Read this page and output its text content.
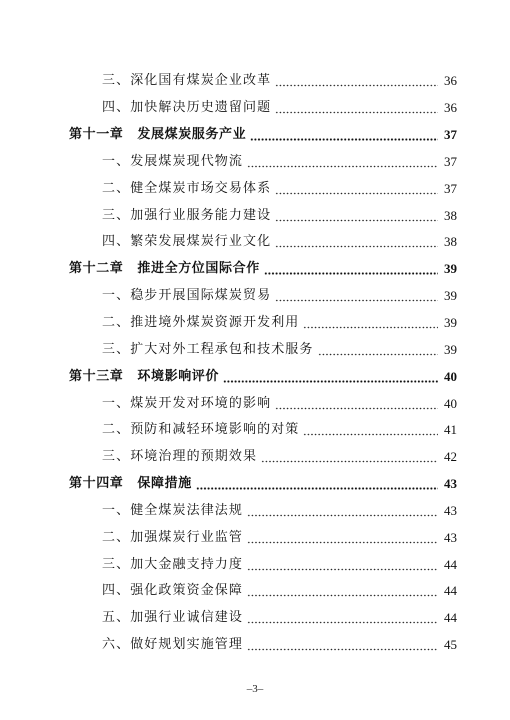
三、深化国有煤炭企业改革	36
四、加快解决历史遗留问题	36
第十一章 发展煤炭服务产业	37
一、发展煤炭现代物流	37
二、健全煤炭市场交易体系	37
三、加强行业服务能力建设	38
四、繁荣发展煤炭行业文化	38
第十二章 推进全方位国际合作	39
一、稳步开展国际煤炭贸易	39
二、推进境外煤炭资源开发利用	39
三、扩大对外工程承包和技术服务	39
第十三章 环境影响评价	40
一、煤炭开发对环境的影响	40
二、预防和减轻环境影响的对策	41
三、环境治理的预期效果	42
第十四章 保障措施	43
一、健全煤炭法律法规	43
二、加强煤炭行业监管	43
三、加大金融支持力度	44
四、强化政策资金保障	44
五、加强行业诚信建设	44
六、做好规划实施管理	45
–3–
